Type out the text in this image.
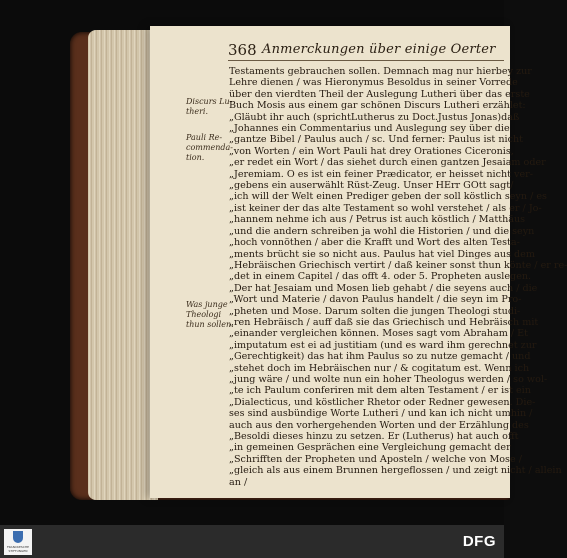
368 Anmerckungen über einige Oerter
Discurs Lu-
theri.
Pauli Re-
commenda-
tion.
Was junge
Theologi
thun sollen.
Testaments gebrauchen sollen. Demnach mag nur hierbey zur
Lehre dienen / was Hieronymus Besoldus in seiner Vorrede
über den vierdten Theil der Auslegung Lutheri über das erste
Buch Mosis aus einem gar schönen Discurs Lutheri erzählet:
„Gläubt ihr auch (sprichtLutherus zu Doct.Justus Jonas)daß
„Johannes ein Commentarius und Auslegung sey über die
„gantze Bibel / Paulus auch / sc. Und ferner: Paulus ist nicht
„von Worten / ein Wort Pauli hat drey Orationes Ciceronis,
„er redet ein Wort / das siehet durch einen gantzen Jesaiam oder
„Jeremiam. O es ist ein feiner Prædicator, er heisset nicht ver-
„gebens ein auserwählt Rüst-Zeug. Unser HErr GOtt sagt/
„ich will der Welt einen Prediger geben der soll köstlich seyn / es
„ist keiner der das alte Testament so wohl verstehet / als er / Jo-
„hannem nehme ich aus / Petrus ist auch köstlich / Matthäus
„und die andern schreiben ja wohl die Historien / und die seyn
„hoch vonnöthen / aber die Krafft und Wort des alten Testa-
„ments brücht sie so nicht aus. Paulus hat viel Dinges aus dem
„Hebräischen Griechisch vertirt / daß keiner sonst thun könte / er re-
„det in einem Capitel / das offt 4. oder 5. Propheten auslegen.
„Der hat Jesaiam und Mosen lieb gehabt / die seyens auch / die
„Wort und Materie / davon Paulus handelt / die seyn im Pro-
„pheten und Mose. Darum solten die jungen Theologi studi-
„ren Hebräisch / auff daß sie das Griechisch und Hebräisch mit
„einander vergleichen können. Moses sagt vom Abraham / Et
„imputatum est ei ad justitiam (und es ward ihm gerechnet zur
„Gerechtigkeit) das hat ihm Paulus so zu nutze gemacht / und
„stehet doch im Hebräischen nur / & cogitatum est. Wenn ich
„jung wäre / und wolte nun ein hoher Theologus werden / so wol-
„te ich Paulum conferiren mit dem alten Testament / er ist ein
„Dialecticus, und köstlicher Rhetor oder Redner gewesen. Die-
ses sind ausbündige Worte Lutheri / und kan ich nicht umhin /
auch aus den vorhergehenden Worten und der Erzählung des
„Besoldi dieses hinzu zu setzen. Er (Lutherus) hat auch offt
„in gemeinen Gesprächen eine Vergleichung gemacht der
„Schrifften der Propheten und Aposteln / welche von Mose /
„gleich als aus einem Brunnen hergeflossen / und zeigt nicht / allein
an /
FRANCKESCHE
STIFTUNGEN
DFG
